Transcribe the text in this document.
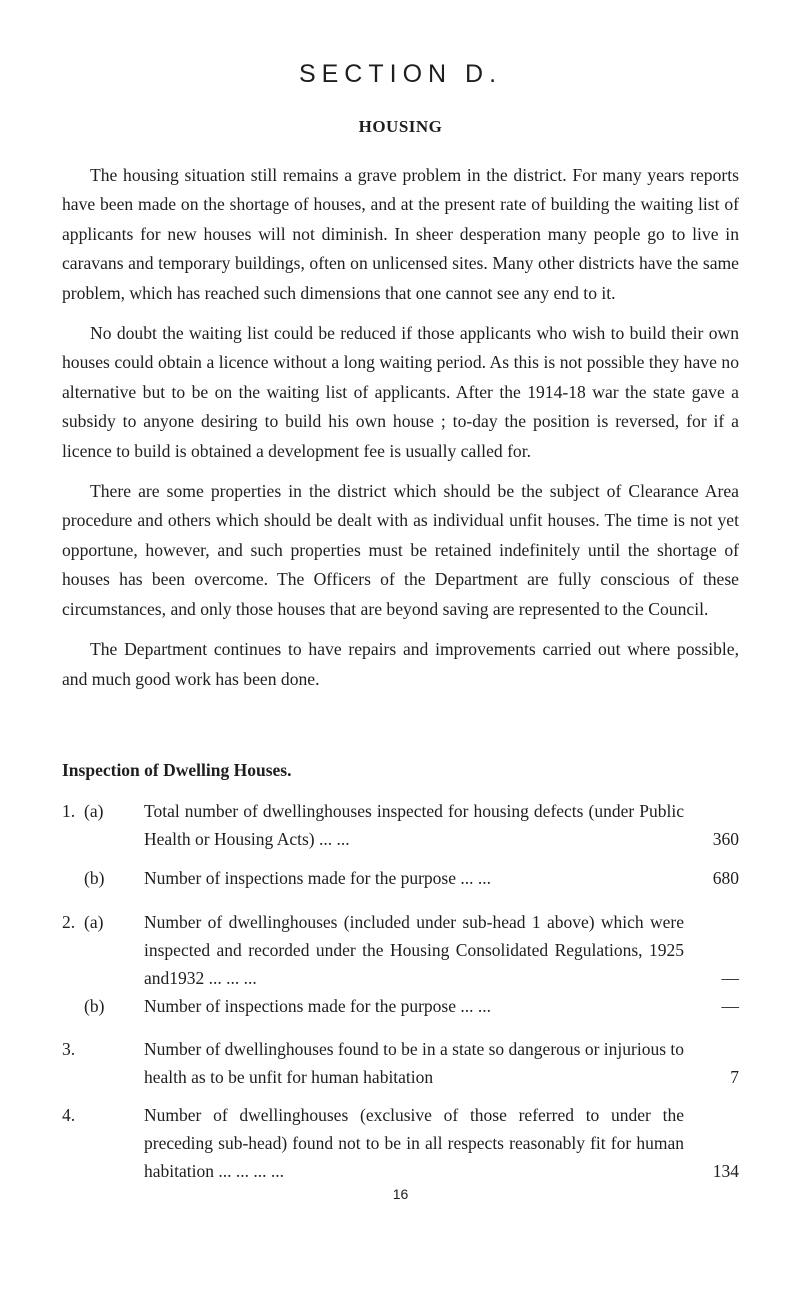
SECTION D.
HOUSING

The housing situation still remains a grave problem in the district. For many years reports have been made on the shortage of houses, and at the present rate of building the waiting list of applicants for new houses will not diminish. In sheer desperation many people go to live in caravans and temporary buildings, often on unlicensed sites. Many other districts have the same problem, which has reached such dimensions that one cannot see any end to it.

No doubt the waiting list could be reduced if those applicants who wish to build their own houses could obtain a licence without a long waiting period. As this is not possible they have no alternative but to be on the waiting list of applicants. After the 1914-18 war the state gave a subsidy to anyone desiring to build his own house ; to-day the position is reversed, for if a licence to build is obtained a development fee is usually called for.

There are some properties in the district which should be the subject of Clearance Area procedure and others which should be dealt with as individual unfit houses. The time is not yet opportune, however, and such properties must be retained indefinitely until the shortage of houses has been overcome. The Officers of the Department are fully conscious of these circumstances, and only those houses that are beyond saving are represented to the Council.

The Department continues to have repairs and improvements carried out where possible, and much good work has been done.

Inspection of Dwelling Houses.
1. (a) Total number of dwellinghouses inspected for housing defects (under Public Health or Housing Acts) ... ...	360
(b) Number of inspections made for the purpose ... ...	680
2. (a) Number of dwellinghouses (included under sub-head 1 above) which were inspected and recorded under the Housing Consolidated Regulations, 1925 and1932 ... ... ...	—
(b) Number of inspections made for the purpose ... ...	—
3.	Number of dwellinghouses found to be in a state so dangerous or injurious to health as to be unfit for human habitation	7
4.	Number of dwellinghouses (exclusive of those referred to under the preceding sub-head) found not to be in all respects reasonably fit for human habitation ... ... ... ...	134
16
